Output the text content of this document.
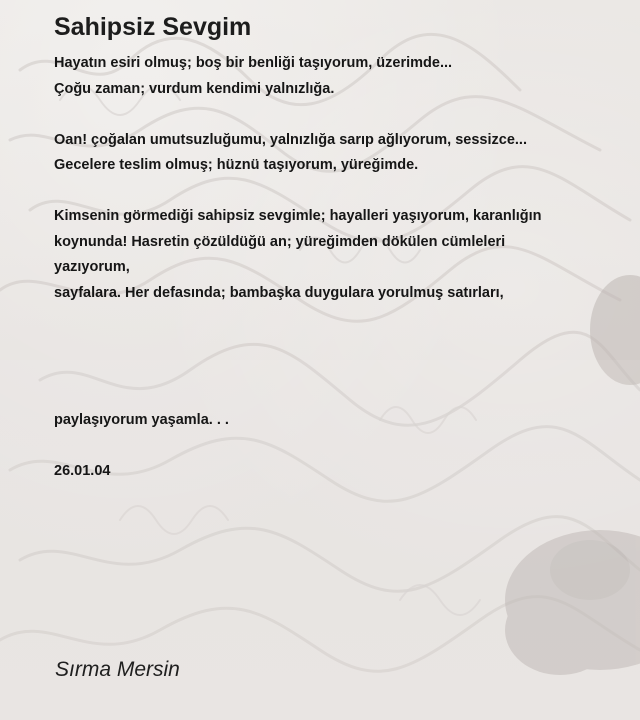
Sahipsiz Sevgim
Hayatın esiri olmuş; boş bir benliği taşıyorum, üzerimde...
Çoğu zaman; vurdum kendimi yalnızlığa.
Oan! çoğalan umutsuzluğumu, yalnızlığa sarıp ağlıyorum, sessizce...
Gecelere teslim olmuş; hüznü taşıyorum, yüreğimde.
Kimsenin görmediği sahipsiz sevgimle; hayalleri yaşıyorum, karanlığın
koynunda! Hasretin çözüldüğü an; yüreğimden dökülen cümleleri
yazıyorum,
sayfalara. Her defasında; bambaşka duygulara yorulmuş satırları,
paylaşıyorum yaşamla. . .
26.01.04
Sırma Mersin
